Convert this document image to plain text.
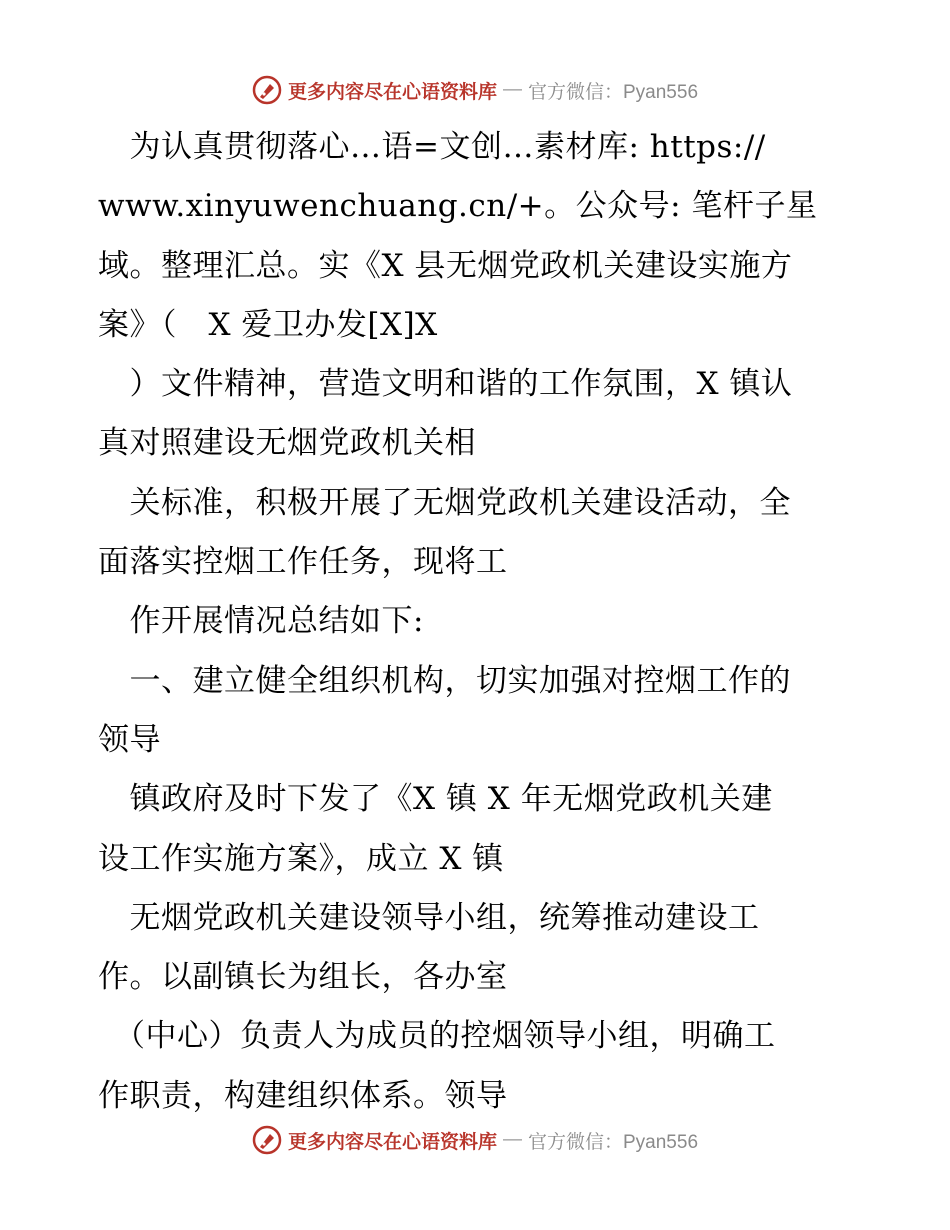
更多内容尽在心语资料库 — 官方微信：Pyan556
　为认真贯彻落心…语=文创…素材库: https://
www.xinyuwenchuang.cn/+。公众号: 笔杆子星
域。整理汇总。实《X 县无烟党政机关建设实施方
案》（　X 爱卫办发[X]X
　）文件精神，营造文明和谐的工作氛围，X 镇认
真对照建设无烟党政机关相
　关标准，积极开展了无烟党政机关建设活动，全
面落实控烟工作任务，现将工
　作开展情况总结如下:
　一、建立健全组织机构，切实加强对控烟工作的
领导
　镇政府及时下发了《X 镇 X 年无烟党政机关建
设工作实施方案》，成立 X 镇
　无烟党政机关建设领导小组，统筹推动建设工
作。以副镇长为组长，各办室
　（中心）负责人为成员的控烟领导小组，明确工
作职责，构建组织体系。领导
更多内容尽在心语资料库 — 官方微信：Pyan556
